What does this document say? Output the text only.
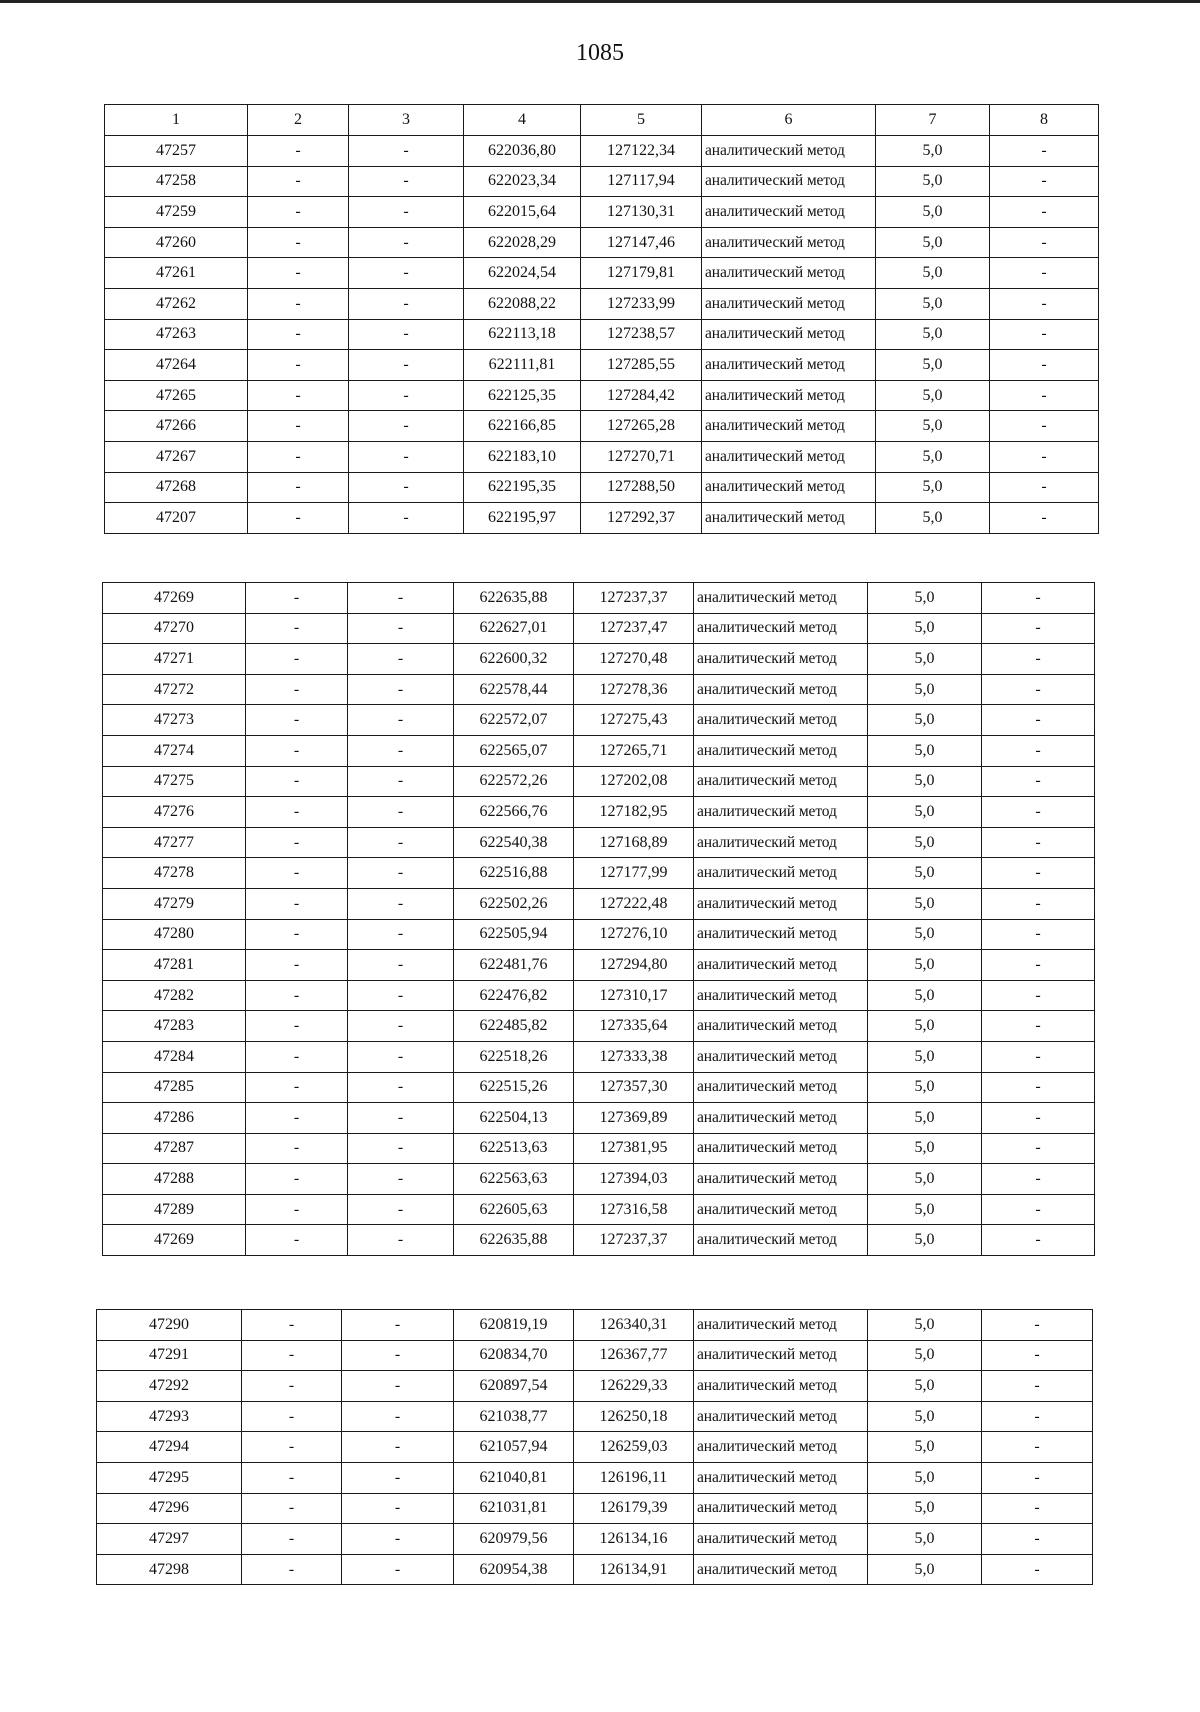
1085
1	2	3	4	5	6	7	8
47257	-	-	622036,80	127122,34	аналитический метод	5,0	-
47258	-	-	622023,34	127117,94	аналитический метод	5,0	-
47259	-	-	622015,64	127130,31	аналитический метод	5,0	-
47260	-	-	622028,29	127147,46	аналитический метод	5,0	-
47261	-	-	622024,54	127179,81	аналитический метод	5,0	-
47262	-	-	622088,22	127233,99	аналитический метод	5,0	-
47263	-	-	622113,18	127238,57	аналитический метод	5,0	-
47264	-	-	622111,81	127285,55	аналитический метод	5,0	-
47265	-	-	622125,35	127284,42	аналитический метод	5,0	-
47266	-	-	622166,85	127265,28	аналитический метод	5,0	-
47267	-	-	622183,10	127270,71	аналитический метод	5,0	-
47268	-	-	622195,35	127288,50	аналитический метод	5,0	-
47207	-	-	622195,97	127292,37	аналитический метод	5,0	-
47269	-	-	622635,88	127237,37	аналитический метод	5,0	-
47270	-	-	622627,01	127237,47	аналитический метод	5,0	-
47271	-	-	622600,32	127270,48	аналитический метод	5,0	-
47272	-	-	622578,44	127278,36	аналитический метод	5,0	-
47273	-	-	622572,07	127275,43	аналитический метод	5,0	-
47274	-	-	622565,07	127265,71	аналитический метод	5,0	-
47275	-	-	622572,26	127202,08	аналитический метод	5,0	-
47276	-	-	622566,76	127182,95	аналитический метод	5,0	-
47277	-	-	622540,38	127168,89	аналитический метод	5,0	-
47278	-	-	622516,88	127177,99	аналитический метод	5,0	-
47279	-	-	622502,26	127222,48	аналитический метод	5,0	-
47280	-	-	622505,94	127276,10	аналитический метод	5,0	-
47281	-	-	622481,76	127294,80	аналитический метод	5,0	-
47282	-	-	622476,82	127310,17	аналитический метод	5,0	-
47283	-	-	622485,82	127335,64	аналитический метод	5,0	-
47284	-	-	622518,26	127333,38	аналитический метод	5,0	-
47285	-	-	622515,26	127357,30	аналитический метод	5,0	-
47286	-	-	622504,13	127369,89	аналитический метод	5,0	-
47287	-	-	622513,63	127381,95	аналитический метод	5,0	-
47288	-	-	622563,63	127394,03	аналитический метод	5,0	-
47289	-	-	622605,63	127316,58	аналитический метод	5,0	-
47269	-	-	622635,88	127237,37	аналитический метод	5,0	-
47290	-	-	620819,19	126340,31	аналитический метод	5,0	-
47291	-	-	620834,70	126367,77	аналитический метод	5,0	-
47292	-	-	620897,54	126229,33	аналитический метод	5,0	-
47293	-	-	621038,77	126250,18	аналитический метод	5,0	-
47294	-	-	621057,94	126259,03	аналитический метод	5,0	-
47295	-	-	621040,81	126196,11	аналитический метод	5,0	-
47296	-	-	621031,81	126179,39	аналитический метод	5,0	-
47297	-	-	620979,56	126134,16	аналитический метод	5,0	-
47298	-	-	620954,38	126134,91	аналитический метод	5,0	-
